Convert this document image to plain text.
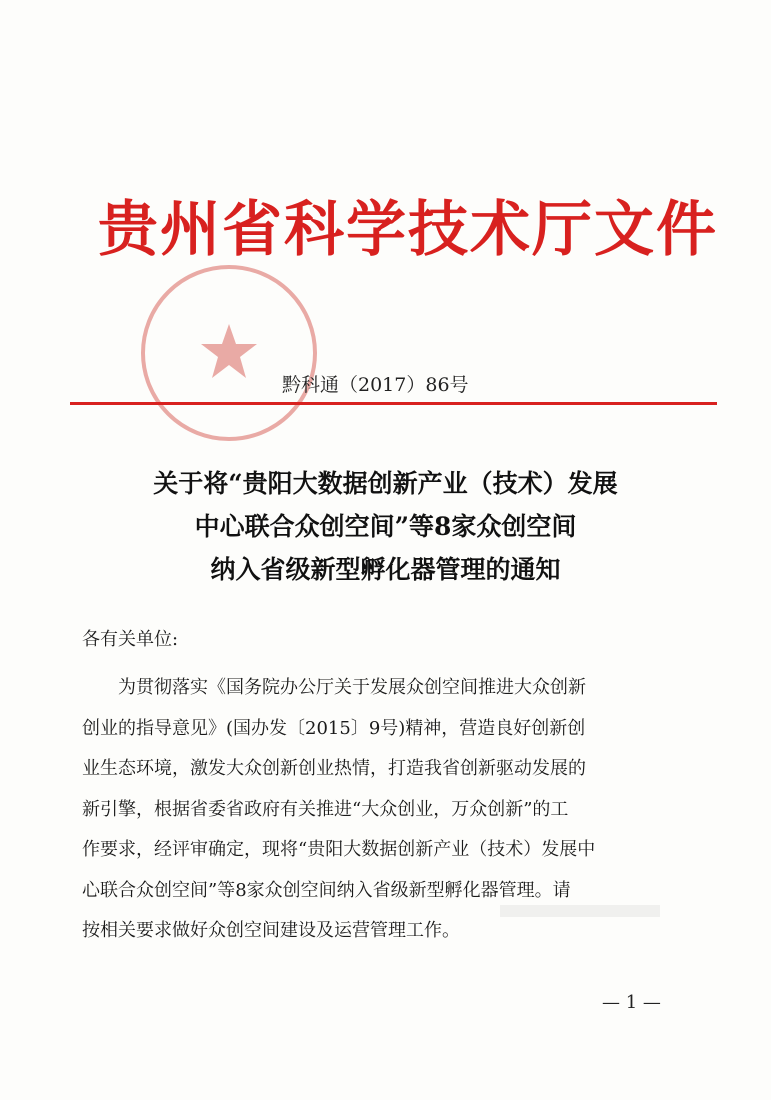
贵州省科学技术厅文件
黔科通（2017）86号
关于将“贵阳大数据创新产业（技术）发展
中心联合众创空间”等8家众创空间
纳入省级新型孵化器管理的通知
各有关单位:
为贯彻落实《国务院办公厅关于发展众创空间推进大众创新
创业的指导意见》(国办发〔2015〕9号)精神，营造良好创新创
业生态环境，激发大众创新创业热情，打造我省创新驱动发展的
新引擎，根据省委省政府有关推进“大众创业，万众创新”的工
作要求，经评审确定，现将“贵阳大数据创新产业（技术）发展中
心联合众创空间”等8家众创空间纳入省级新型孵化器管理。请
按相关要求做好众创空间建设及运营管理工作。
— 1 —
